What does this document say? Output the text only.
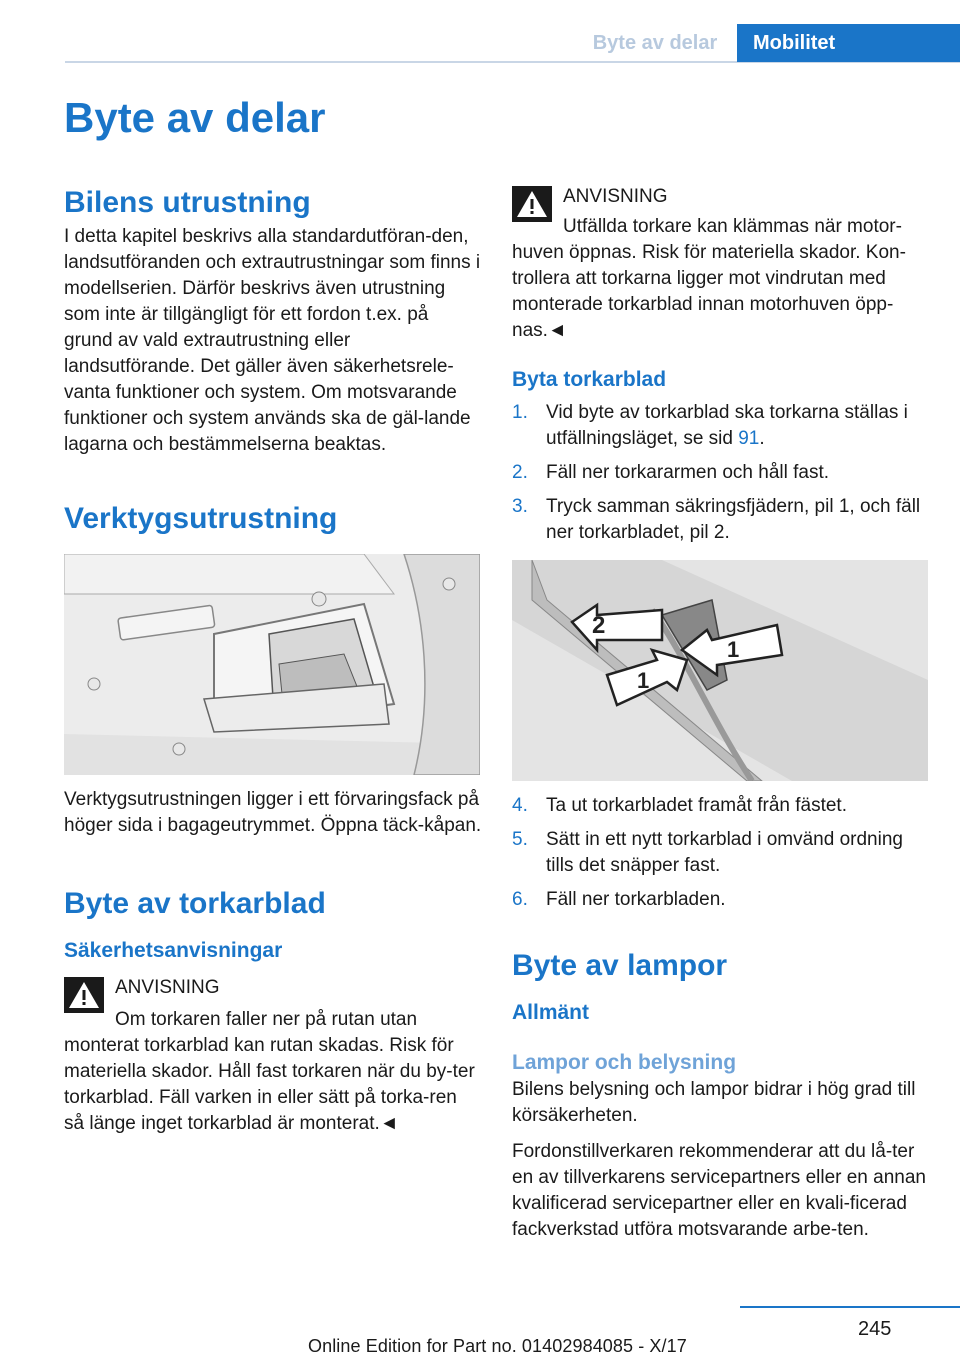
Byte av delar	Mobilitet
Byte av delar
Bilens utrustning

I detta kapitel beskrivs alla standardutföran-den, landsutföranden och extrautrustningar som finns i modellserien. Därför beskrivs även utrustning som inte är tillgängligt för ett fordon t.ex. på grund av vald extrautrustning eller landsutförande. Det gäller även säkerhetsrele-vanta funktioner och system. Om motsvarande funktioner och system används ska de gäl-lande lagarna och bestämmelserna beaktas.

Verktygsutrustning

Verktygsutrustningen ligger i ett förvaringsfack på höger sida i bagageutrymmet. Öppna täck-kåpan.

Byte av torkarblad
Säkerhetsanvisningar

ANVISNING

Om torkaren faller ner på rutan utan

monterat torkarblad kan rutan skadas. Risk för materiella skador. Håll fast torkaren när du by-ter torkarblad. Fäll varken in eller sätt på torka-ren så länge inget torkarblad är monterat.◄

ANVISNING

Utfällda torkare kan klämmas när motor-

huven öppnas. Risk för materiella skador. Kon-trollera att torkarna ligger mot vindrutan med monterade torkarblad innan motorhuven öpp-nas.◄

Byta torkarblad
1. Vid byte av torkarblad ska torkarna ställas i utfällningsläget, se sid 91.
2. Fäll ner torkararmen och håll fast.
3. Tryck samman säkringsfjädern, pil 1, och fäll ner torkarbladet, pil 2.
2
1
1
4. Ta ut torkarbladet framåt från fästet.
5. Sätt in ett nytt torkarblad i omvänd ordning tills det snäpper fast.
6. Fäll ner torkarbladen.
Byte av lampor
Allmänt
Lampor och belysning

Bilens belysning och lampor bidrar i hög grad till körsäkerheten.

Fordonstillverkaren rekommenderar att du lå-ter en av tillverkarens servicepartners eller en annan kvalificerad servicepartner eller en kvali-ficerad fackverkstad utföra motsvarande arbe-ten.

245
Online Edition for Part no. 01402984085 - X/17
